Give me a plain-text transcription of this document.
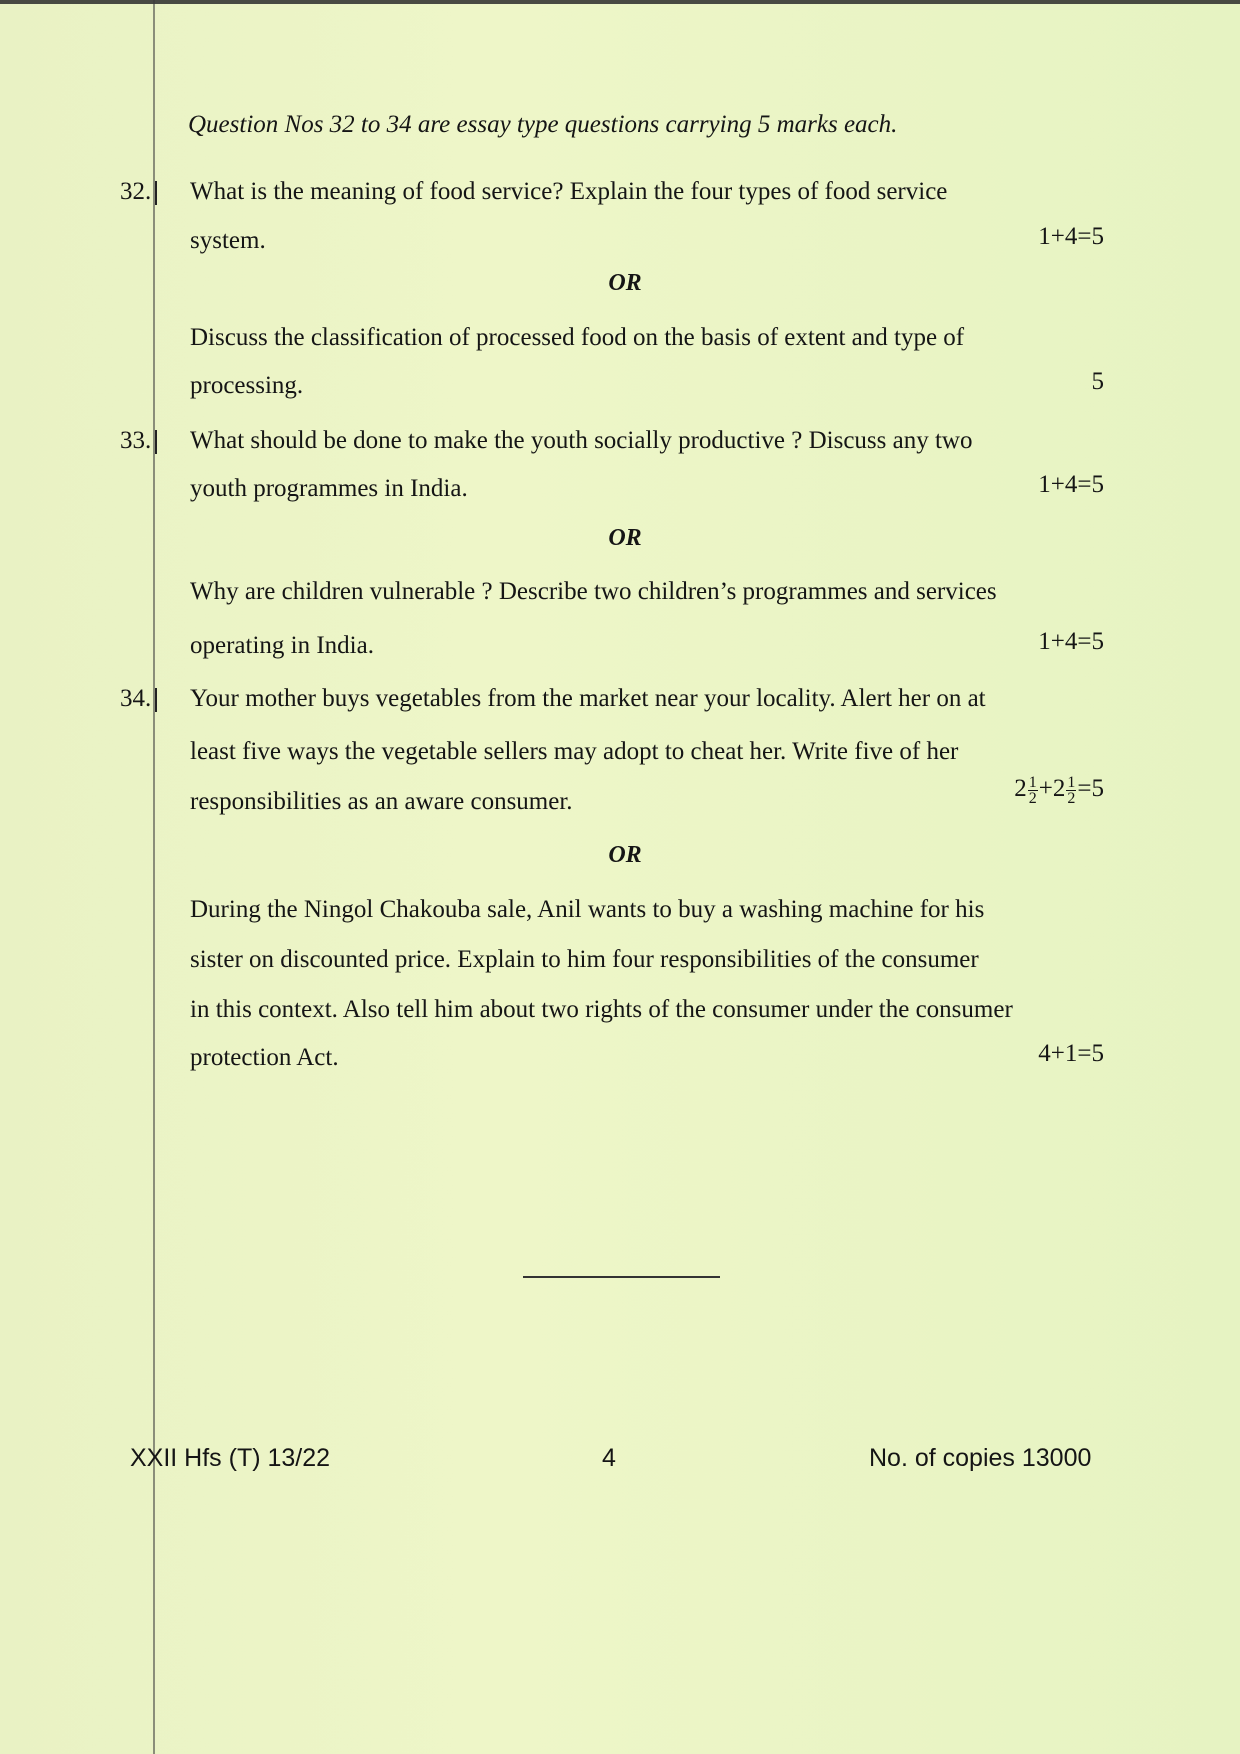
Question Nos 32 to 34 are essay type questions carrying 5 marks each.
32. What is the meaning of food service? Explain the four types of food service
system.	1+4=5
OR
Discuss the classification of processed food on the basis of extent and type of
processing.	5
33. What should be done to make the youth socially productive ? Discuss any two
youth programmes in India.	1+4=5
OR
Why are children vulnerable ? Describe two children’s programmes and services
operating in India.	1+4=5
34. Your mother buys vegetables from the market near your locality. Alert her on at
least five ways the vegetable sellers may adopt to cheat her. Write five of her
responsibilities as an aware consumer.	$2 \frac{1}{2} +2 \frac{1}{2} =5$
OR
During the Ningol Chakouba sale, Anil wants to buy a washing machine for his
sister on discounted price. Explain to him four responsibilities of the consumer
in this context. Also tell him about two rights of the consumer under the consumer
protection Act.	4+1=5
XXII Hfs (T) 13/22	4	No. of copies 13000
